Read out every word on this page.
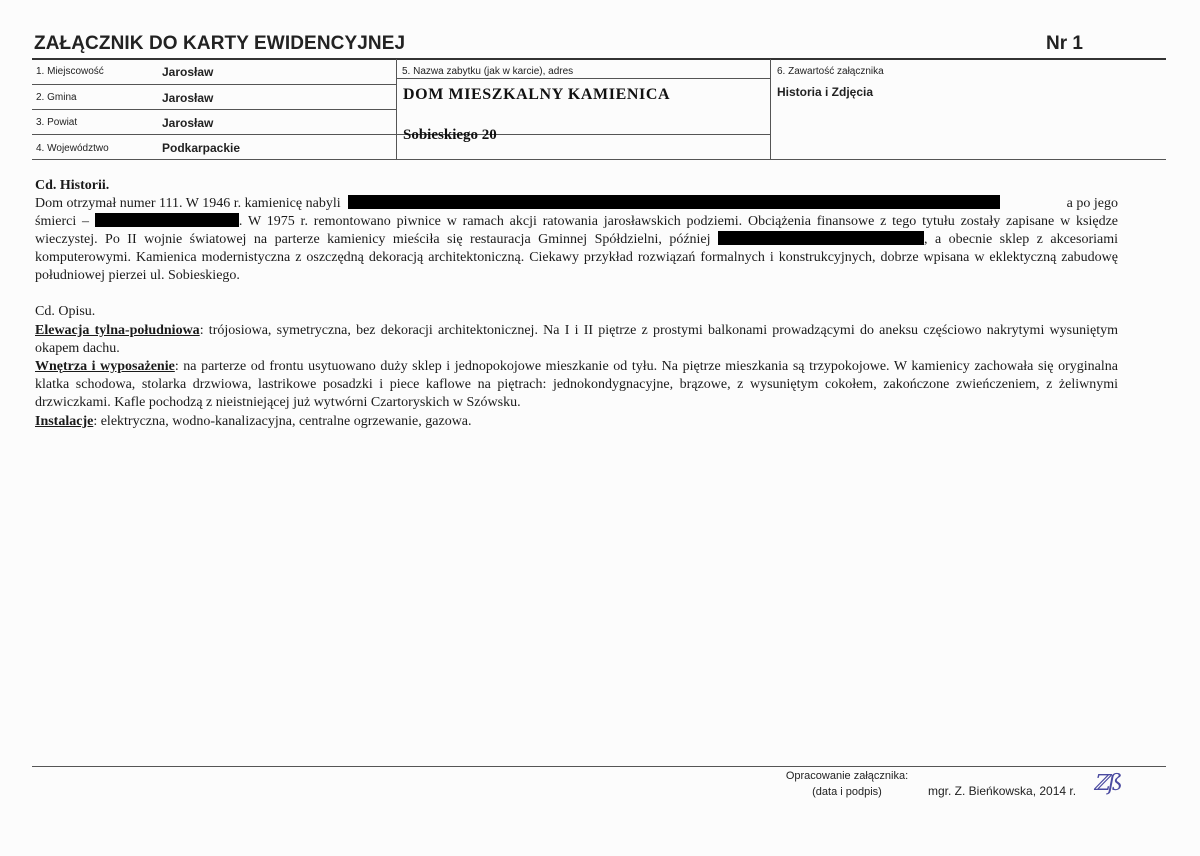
ZAŁĄCZNIK DO KARTY EWIDENCYJNEJ	Nr 1
1. Miejscowość	Jarosław
2. Gmina	Jarosław
3. Powiat	Jarosław
4. Województwo	Podkarpackie
5. Nazwa zabytku (jak w karcie), adres
DOM MIESZKALNY KAMIENICA
Sobieskiego 20
6. Zawartość załącznika
Historia i Zdjęcia
Cd. Historii.
Dom otrzymał numer 111. W 1946 r. kamienicę nabyli	a po jego
śmierci –	. W 1975 r. remontowano piwnice w ramach akcji ratowania jarosławskich podziemi. Obciążenia finansowe z tego tytułu zostały zapisane w księdze wieczystej. Po II wojnie światowej na parterze kamienicy mieściła się restauracja Gminnej Spółdzielni, później	, a obecnie sklep z akcesoriami komputerowymi. Kamienica modernistyczna z oszczędną dekoracją architektoniczną. Ciekawy przykład rozwiązań formalnych i konstrukcyjnych, dobrze wpisana w eklektyczną zabudowę południowej pierzei ul. Sobieskiego.
Cd. Opisu.
Elewacja tylna-południowa: trójosiowa, symetryczna, bez dekoracji architektonicznej. Na I i II piętrze z prostymi balkonami prowadzącymi do aneksu częściowo nakrytymi wysuniętym okapem dachu.
Wnętrza i wyposażenie: na parterze od frontu usytuowano duży sklep i jednopokojowe mieszkanie od tyłu. Na piętrze mieszkania są trzypokojowe. W kamienicy zachowała się oryginalna klatka schodowa, stolarka drzwiowa, lastrikowe posadzki i piece kaflowe na piętrach: jednokondygnacyjne, brązowe, z wysuniętym cokołem, zakończone zwieńczeniem, z żeliwnymi drzwiczkami. Kafle pochodzą z nieistniejącej już wytwórni Czartoryskich w Szówsku.
Instalacje: elektryczna, wodno-kanalizacyjna, centralne ogrzewanie, gazowa.
Opracowanie załącznika:
(data i podpis)	mgr. Z. Bieńkowska, 2014 r. ℤß
